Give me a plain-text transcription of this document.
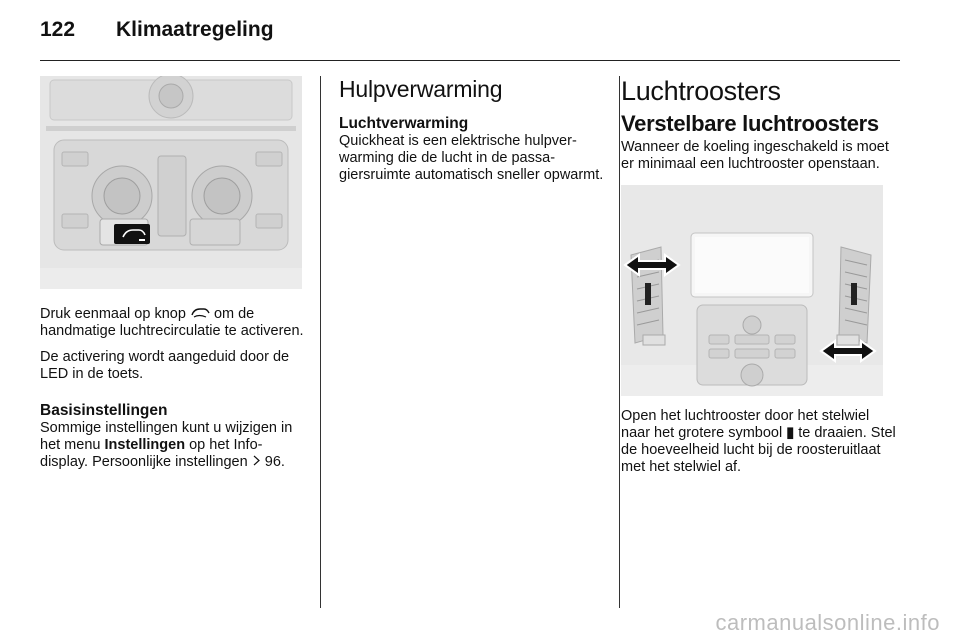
122 Klimaatregeling

Druk eenmaal op knop  om de handmatige luchtrecirculatie te activeren.

De activering wordt aangeduid door de LED in de toets.

Basisinstellingen

Sommige instellingen kunt u wijzigen in het menu Instellingen op het Info-display. Persoonlijke instellingen  96.

Hulpverwarming
Luchtverwarming

Quickheat is een elektrische hulpverwarming die de lucht in de passagiersruimte automatisch sneller opwarmt.

Luchtroosters
Verstelbare luchtroosters

Wanneer de koeling ingeschakeld is moet er minimaal een luchtrooster openstaan.

Open het luchtrooster door het stelwiel naar het grotere symbool ▮ te draaien. Stel de hoeveelheid lucht bij de roosteruitlaat met het stelwiel af.

carmanualsonline.info
